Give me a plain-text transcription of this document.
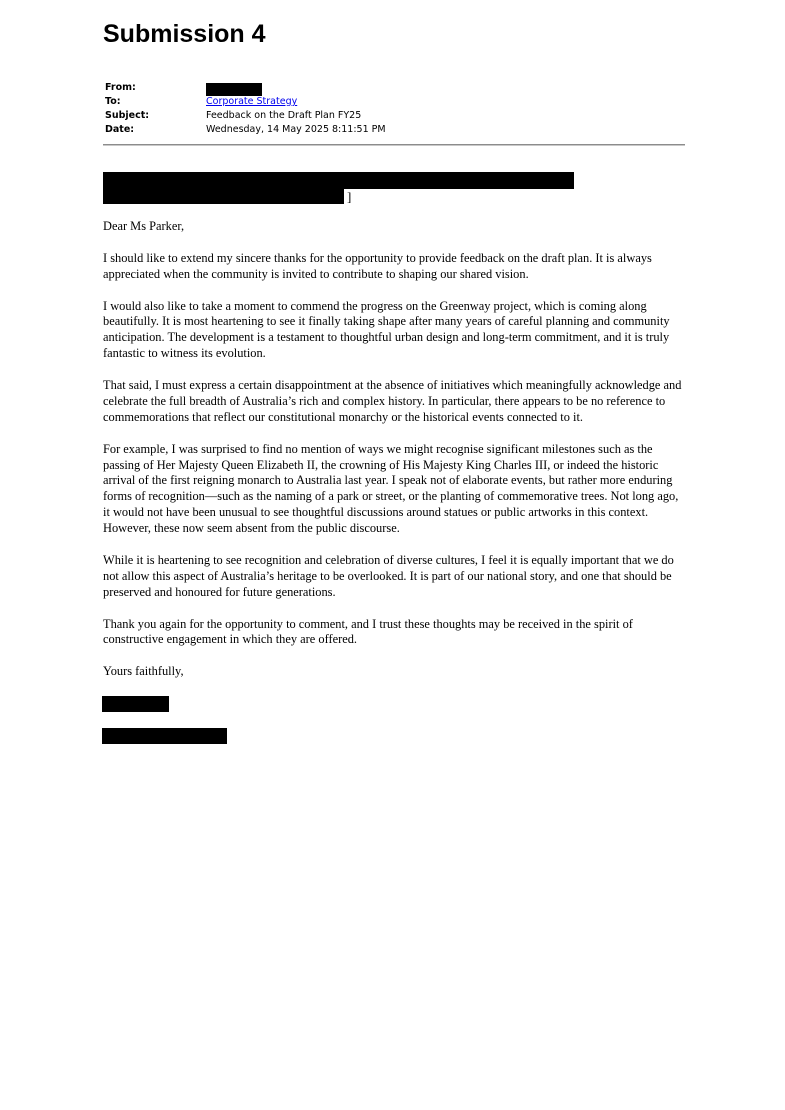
Submission 4
From:
To:	Corporate Strategy
Subject:	Feedback on the Draft Plan FY25
Date:	Wednesday, 14 May 2025 8:11:51 PM
]

Dear Ms Parker,

I should like to extend my sincere thanks for the opportunity to provide feedback on the draft plan. It is always appreciated when the community is invited to contribute to shaping our shared vision.

I would also like to take a moment to commend the progress on the Greenway project, which is coming along beautifully. It is most heartening to see it finally taking shape after many years of careful planning and community anticipation. The development is a testament to thoughtful urban design and long-term commitment, and it is truly fantastic to witness its evolution.

That said, I must express a certain disappointment at the absence of initiatives which meaningfully acknowledge and celebrate the full breadth of Australia’s rich and complex history. In particular, there appears to be no reference to commemorations that reflect our constitutional monarchy or the historical events connected to it.

For example, I was surprised to find no mention of ways we might recognise significant milestones such as the passing of Her Majesty Queen Elizabeth II, the crowning of His Majesty King Charles III, or indeed the historic arrival of the first reigning monarch to Australia last year. I speak not of elaborate events, but rather more enduring forms of recognition—such as the naming of a park or street, or the planting of commemorative trees. Not long ago, it would not have been unusual to see thoughtful discussions around statues or public artworks in this context. However, these now seem absent from the public discourse.

While it is heartening to see recognition and celebration of diverse cultures, I feel it is equally important that we do not allow this aspect of Australia’s heritage to be overlooked. It is part of our national story, and one that should be preserved and honoured for future generations.

Thank you again for the opportunity to comment, and I trust these thoughts may be received in the spirit of constructive engagement in which they are offered.

Yours faithfully,
